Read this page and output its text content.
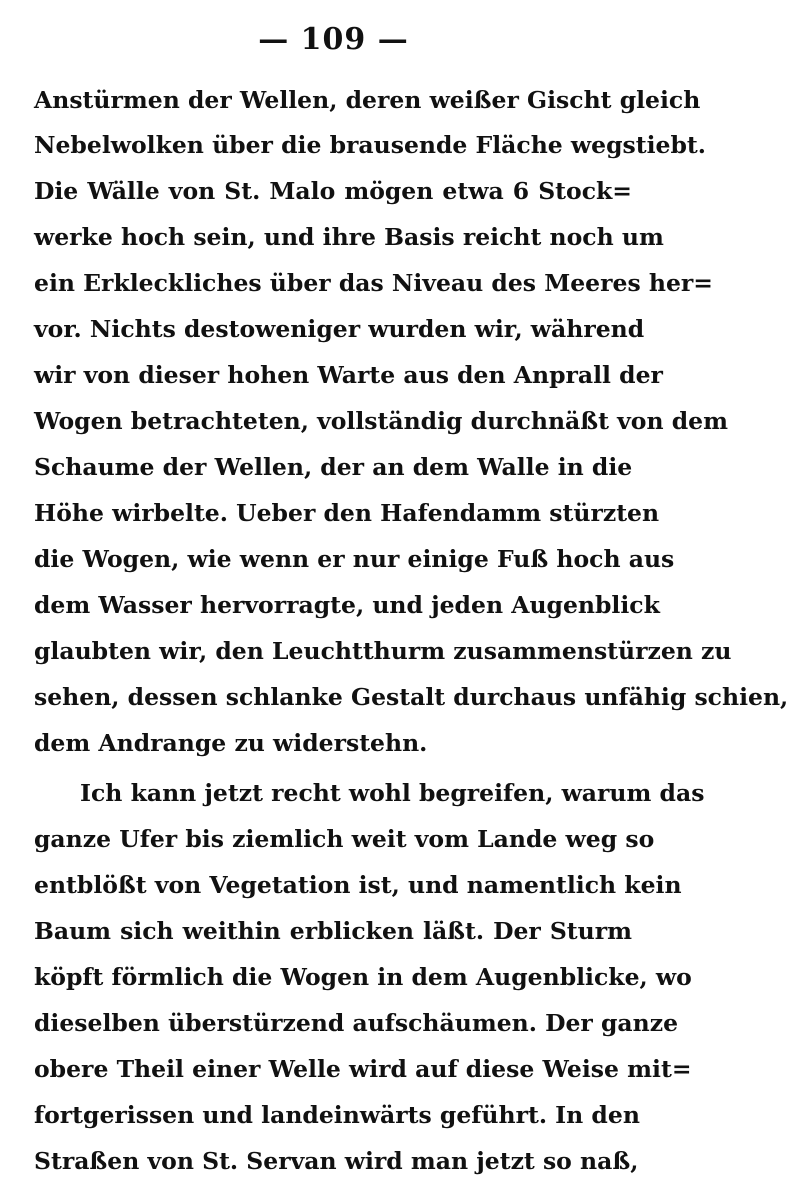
— 109 —
Anstürmen der Wellen, deren weißer Gischt gleich
Nebelwolken über die brausende Fläche wegstiebt.
Die Wälle von St. Malo mögen etwa 6 Stock=
werke hoch sein, und ihre Basis reicht noch um
ein Erkleckliches über das Niveau des Meeres her=
vor. Nichts destoweniger wurden wir, während
wir von dieser hohen Warte aus den Anprall der
Wogen betrachteten, vollständig durchnäßt von dem
Schaume der Wellen, der an dem Walle in die
Höhe wirbelte. Ueber den Hafendamm stürzten
die Wogen, wie wenn er nur einige Fuß hoch aus
dem Wasser hervorragte, und jeden Augenblick
glaubten wir, den Leuchtthurm zusammenstürzen zu
sehen, dessen schlanke Gestalt durchaus unfähig schien,
dem Andrange zu widerstehn.
Ich kann jetzt recht wohl begreifen, warum das
ganze Ufer bis ziemlich weit vom Lande weg so
entblößt von Vegetation ist, und namentlich kein
Baum sich weithin erblicken läßt. Der Sturm
köpft förmlich die Wogen in dem Augenblicke, wo
dieselben überstürzend aufschäumen. Der ganze
obere Theil einer Welle wird auf diese Weise mit=
fortgerissen und landeinwärts geführt. In den
Straßen von St. Servan wird man jetzt so naß,
